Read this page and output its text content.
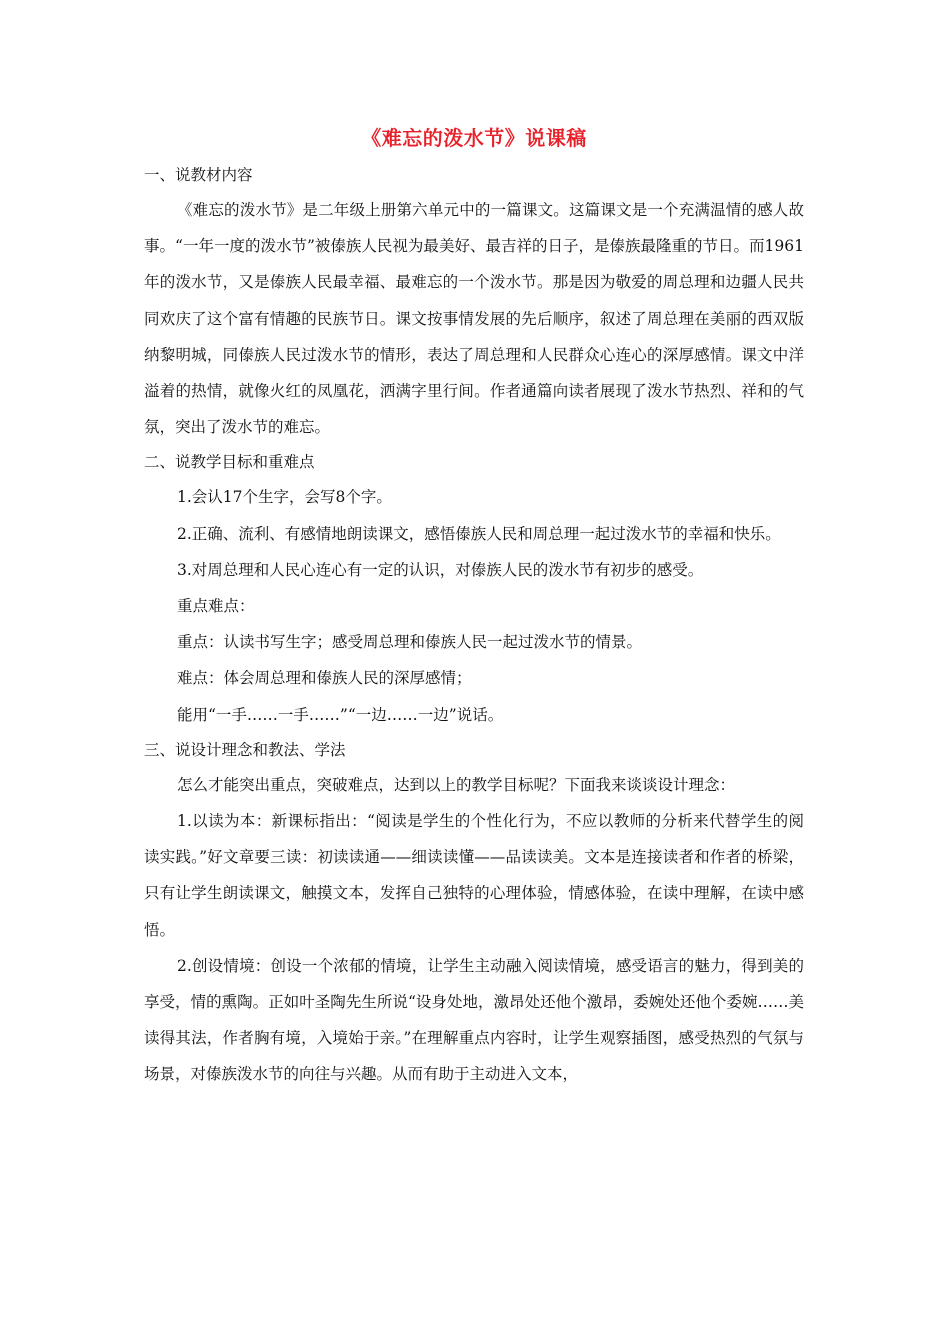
《难忘的泼水节》说课稿

一、说教材内容

《难忘的泼水节》是二年级上册第六单元中的一篇课文。这篇课文是一个充满温情的感人故事。“一年一度的泼水节”被傣族人民视为最美好、最吉祥的日子，是傣族最隆重的节日。而1961年的泼水节，又是傣族人民最幸福、最难忘的一个泼水节。那是因为敬爱的周总理和边疆人民共同欢庆了这个富有情趣的民族节日。课文按事情发展的先后顺序，叙述了周总理在美丽的西双版纳黎明城，同傣族人民过泼水节的情形，表达了周总理和人民群众心连心的深厚感情。课文中洋溢着的热情，就像火红的凤凰花，洒满字里行间。作者通篇向读者展现了泼水节热烈、祥和的气氛，突出了泼水节的难忘。

二、说教学目标和重难点

1.会认17个生字，会写8个字。

2.正确、流利、有感情地朗读课文，感悟傣族人民和周总理一起过泼水节的幸福和快乐。

3.对周总理和人民心连心有一定的认识，对傣族人民的泼水节有初步的感受。

重点难点：

重点：认读书写生字；感受周总理和傣族人民一起过泼水节的情景。

难点：体会周总理和傣族人民的深厚感情；

能用“一手……一手……”“一边……一边”说话。

三、说设计理念和教法、学法

怎么才能突出重点，突破难点，达到以上的教学目标呢？下面我来谈谈设计理念：

1.以读为本：新课标指出：“阅读是学生的个性化行为，不应以教师的分析来代替学生的阅读实践。”好文章要三读：初读读通——细读读懂——品读读美。文本是连接读者和作者的桥梁，只有让学生朗读课文，触摸文本，发挥自己独特的心理体验，情感体验，在读中理解，在读中感悟。

2.创设情境：创设一个浓郁的情境，让学生主动融入阅读情境，感受语言的魅力，得到美的享受，情的熏陶。正如叶圣陶先生所说“设身处地，激昂处还他个激昂，委婉处还他个委婉……美读得其法，作者胸有境，入境始于亲。”在理解重点内容时，让学生观察插图，感受热烈的气氛与场景，对傣族泼水节的向往与兴趣。从而有助于主动进入文本，
